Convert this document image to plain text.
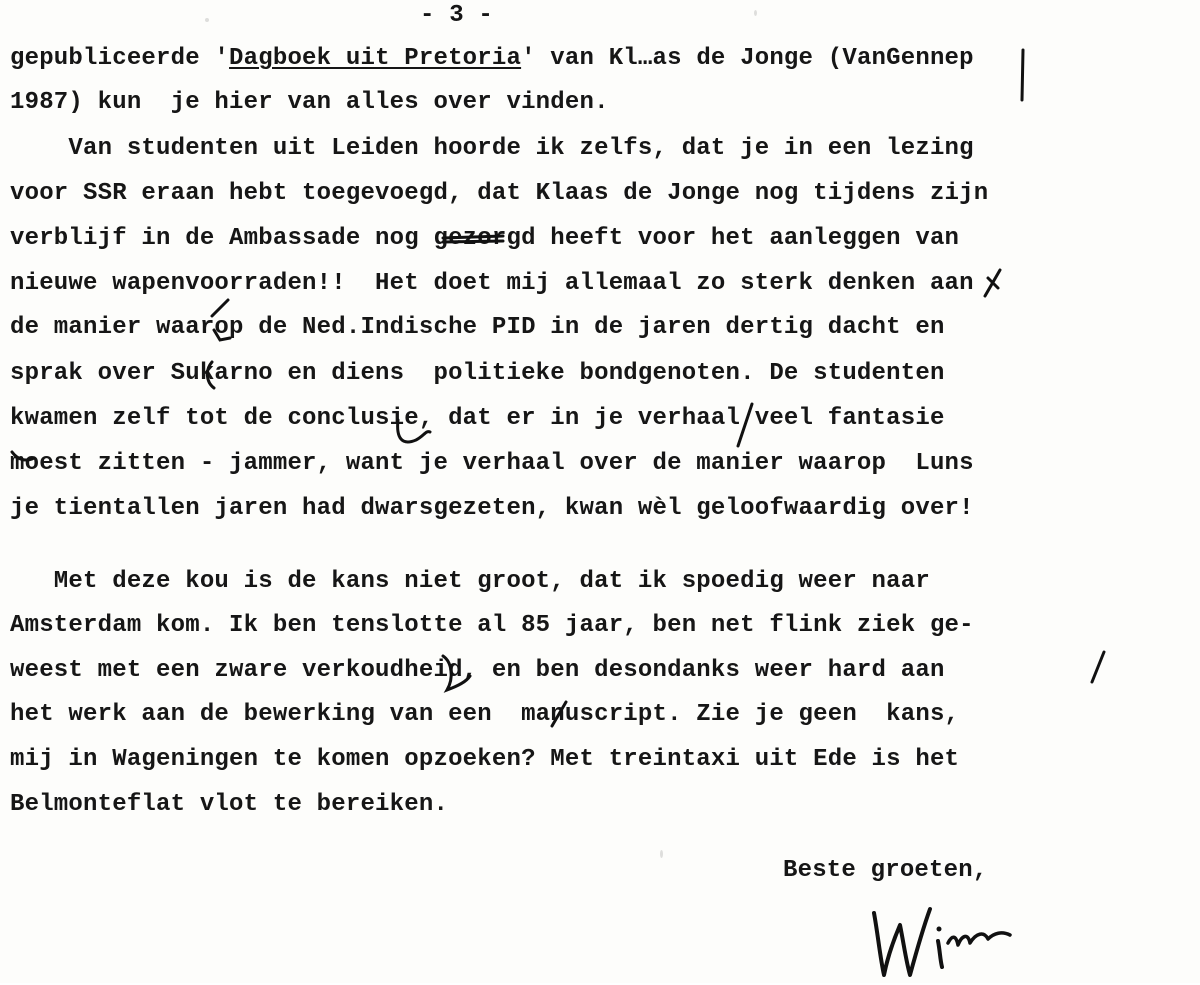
- 3 -
gepubliceerde 'Dagboek uit Pretoria' van Kl…as de Jonge (VanGennep
1987) kun  je hier van alles over vinden.
Van studenten uit Leiden hoorde ik zelfs, dat je in een lezing
voor SSR eraan hebt toegevoegd, dat Klaas de Jonge nog tijdens zijn
verblijf in de Ambassade nog gezorgd heeft voor het aanleggen van
nieuwe wapenvoorraden!!  Het doet mij allemaal zo sterk denken aan
de manier waarop de Ned.Indische PID in de jaren dertig dacht en
sprak over Sukarno en diens  politieke bondgenoten. De studenten
kwamen zelf tot de conclusie, dat er in je verhaal veel fantasie
moest zitten - jammer, want je verhaal over de manier waarop  Luns
je tientallen jaren had dwarsgezeten, kwan wèl geloofwaardig over!
Met deze kou is de kans niet groot, dat ik spoedig weer naar
Amsterdam kom. Ik ben tenslotte al 85 jaar, ben net flink ziek ge-
weest met een zware verkoudheid, en ben desondanks weer hard aan
het werk aan de bewerking van een  manuscript. Zie je geen  kans,
mij in Wageningen te komen opzoeken? Met treintaxi uit Ede is het
Belmonteflat vlot te bereiken.
Beste groeten,
